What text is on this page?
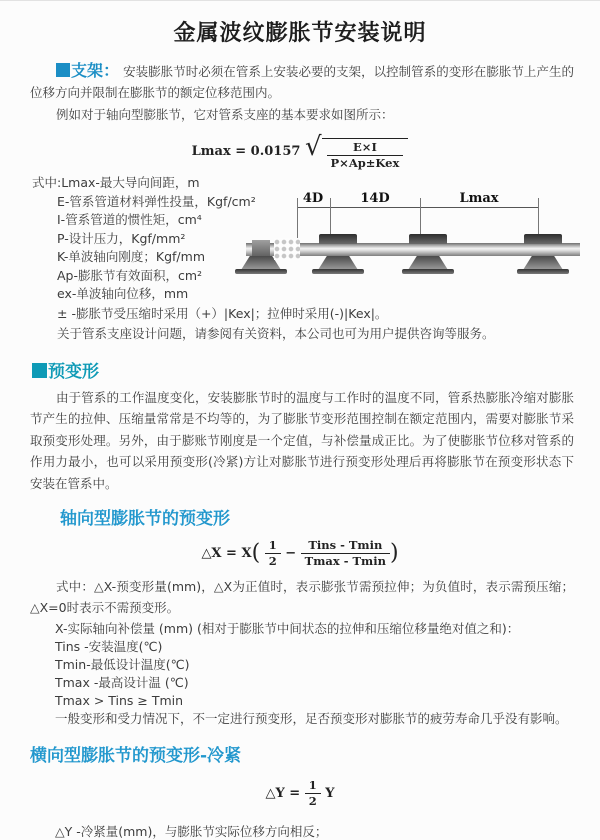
金属波纹膨胀节安装说明

支架： 安装膨胀节时必须在管系上安装必要的支架，以控制管系的变形在膨胀节上产生的位移方向并限制在膨胀节的额定位移范围内。

例如对于轴向型膨胀节，它对管系支座的基本要求如图所示：

Lmax = 0.0157 √ $\frac{E\times I}{\text{P×Ap±Kex}}$
式中:Lmax-最大导向间距，m
E-管系管道材料弹性投量，Kgf/cm²
I-管系管道的惯性矩，cm⁴
P-设计压力，Kgf/mm²
K-单波轴向刚度；Kgf/mm
Ap-膨胀节有效面积，cm²
ex-单波轴向位移，mm
± -膨胀节受压缩时采用（+）|Kex|；拉伸时采用(-)|Kex|。
关于管系支座设计问题，请参阅有关资料，本公司也可为用户提供咨询等服务。
4D	14D	Lmax
预变形

由于管系的工作温度变化，安装膨胀节时的温度与工作时的温度不同，管系热膨胀冷缩对膨胀节产生的拉伸、压缩量常常是不均等的，为了膨胀节变形范围控制在额定范围内，需要对膨胀节采取预变形处理。另外，由于膨账节刚度是一个定值，与补偿量成正比。为了使膨胀节位移对管系的作用力最小，也可以采用预变形(冷紧)方让对膨胀节进行预变形处理后再将膨胀节在预变形状态下安装在管系中。

轴向型膨胀节的预变形
△X = $X( \frac{1}{2} - \frac{\text{Tins - Tmin}}{Tmax - Tmin}$ )

式中：△X-预变形量(mm)，△X为正值时，表示膨张节需预拉伸；为负值时，表示需预压缩；△X=0时表示不需预变形。

X-实际轴向补偿量 (mm) (相对于膨胀节中间状态的拉伸和压缩位移量绝对值之和)：
Tins -安装温度(℃)
Tmin-最低设计温度(℃)
Tmax -最高设计温 (℃)
Tmax > Tins ≥ Tmin
一般变形和受力情况下，不一定进行预变形，足否预变形对膨胀节的疲劳寿命几乎没有影响。
横向型膨胀节的预变形-冷紧
△Y = $\frac{1}{2}$ Y

△Y -冷紧量(mm)，与膨胀节实际位移方向相反；
